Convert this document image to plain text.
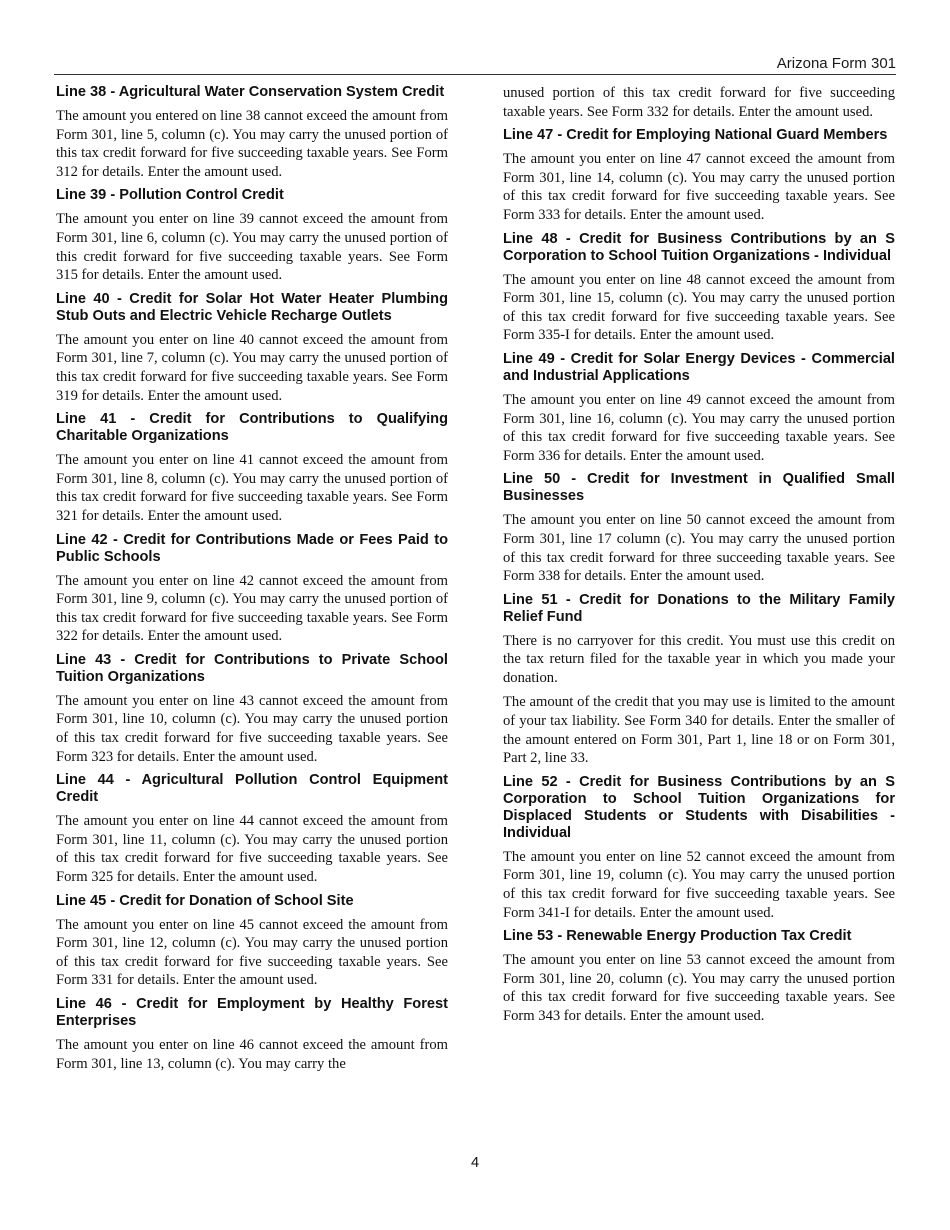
Arizona Form 301
Line 38 - Agricultural Water Conservation System Credit
The amount you entered on line 38 cannot exceed the amount from Form 301, line 5, column (c). You may carry the unused portion of this tax credit forward for five succeeding taxable years. See Form 312 for details. Enter the amount used.
Line 39 - Pollution Control Credit
The amount you enter on line 39 cannot exceed the amount from Form 301, line 6, column (c). You may carry the unused portion of this credit forward for five succeeding taxable years. See Form 315 for details. Enter the amount used.
Line 40 - Credit for Solar Hot Water Heater Plumbing Stub Outs and Electric Vehicle Recharge Outlets
The amount you enter on line 40 cannot exceed the amount from Form 301, line 7, column (c). You may carry the unused portion of this tax credit forward for five succeeding taxable years. See Form 319 for details. Enter the amount used.
Line 41 - Credit for Contributions to Qualifying Charitable Organizations
The amount you enter on line 41 cannot exceed the amount from Form 301, line 8, column (c). You may carry the unused portion of this tax credit forward for five succeeding taxable years. See Form 321 for details. Enter the amount used.
Line 42 - Credit for Contributions Made or Fees Paid to Public Schools
The amount you enter on line 42 cannot exceed the amount from Form 301, line 9, column (c). You may carry the unused portion of this tax credit forward for five succeeding taxable years. See Form 322 for details. Enter the amount used.
Line 43 - Credit for Contributions to Private School Tuition Organizations
The amount you enter on line 43 cannot exceed the amount from Form 301, line 10, column (c). You may carry the unused portion of this tax credit forward for five succeeding taxable years. See Form 323 for details. Enter the amount used.
Line 44 - Agricultural Pollution Control Equipment Credit
The amount you enter on line 44 cannot exceed the amount from Form 301, line 11, column (c). You may carry the unused portion of this tax credit forward for five succeeding taxable years. See Form 325 for details. Enter the amount used.
Line 45 - Credit for Donation of School Site
The amount you enter on line 45 cannot exceed the amount from Form 301, line 12, column (c). You may carry the unused portion of this tax credit forward for five succeeding taxable years. See Form 331 for details. Enter the amount used.
Line 46 - Credit for Employment by Healthy Forest Enterprises
The amount you enter on line 46 cannot exceed the amount from Form 301, line 13, column (c). You may carry the
unused portion of this tax credit forward for five succeeding taxable years. See Form 332 for details. Enter the amount used.
Line 47 - Credit for Employing National Guard Members
The amount you enter on line 47 cannot exceed the amount from Form 301, line 14, column (c). You may carry the unused portion of this tax credit forward for five succeeding taxable years. See Form 333 for details. Enter the amount used.
Line 48 - Credit for Business Contributions by an S Corporation to School Tuition Organizations - Individual
The amount you enter on line 48 cannot exceed the amount from Form 301, line 15, column (c). You may carry the unused portion of this tax credit forward for five succeeding taxable years. See Form 335-I for details. Enter the amount used.
Line 49 - Credit for Solar Energy Devices - Commercial and Industrial Applications
The amount you enter on line 49 cannot exceed the amount from Form 301, line 16, column (c). You may carry the unused portion of this tax credit forward for five succeeding taxable years. See Form 336 for details. Enter the amount used.
Line 50 - Credit for Investment in Qualified Small Businesses
The amount you enter on line 50 cannot exceed the amount from Form 301, line 17 column (c). You may carry the unused portion of this tax credit forward for three succeeding taxable years. See Form 338 for details. Enter the amount used.
Line 51 - Credit for Donations to the Military Family Relief Fund
There is no carryover for this credit. You must use this credit on the tax return filed for the taxable year in which you made your donation.
The amount of the credit that you may use is limited to the amount of your tax liability. See Form 340 for details. Enter the smaller of the amount entered on Form 301, Part 1, line 18 or on Form 301, Part 2, line 33.
Line 52 - Credit for Business Contributions by an S Corporation to School Tuition Organizations for Displaced Students or Students with Disabilities - Individual
The amount you enter on line 52 cannot exceed the amount from Form 301, line 19, column (c). You may carry the unused portion of this tax credit forward for five succeeding taxable years. See Form 341-I for details. Enter the amount used.
Line 53 - Renewable Energy Production Tax Credit
The amount you enter on line 53 cannot exceed the amount from Form 301, line 20, column (c). You may carry the unused portion of this tax credit forward for five succeeding taxable years. See Form 343 for details. Enter the amount used.
4
